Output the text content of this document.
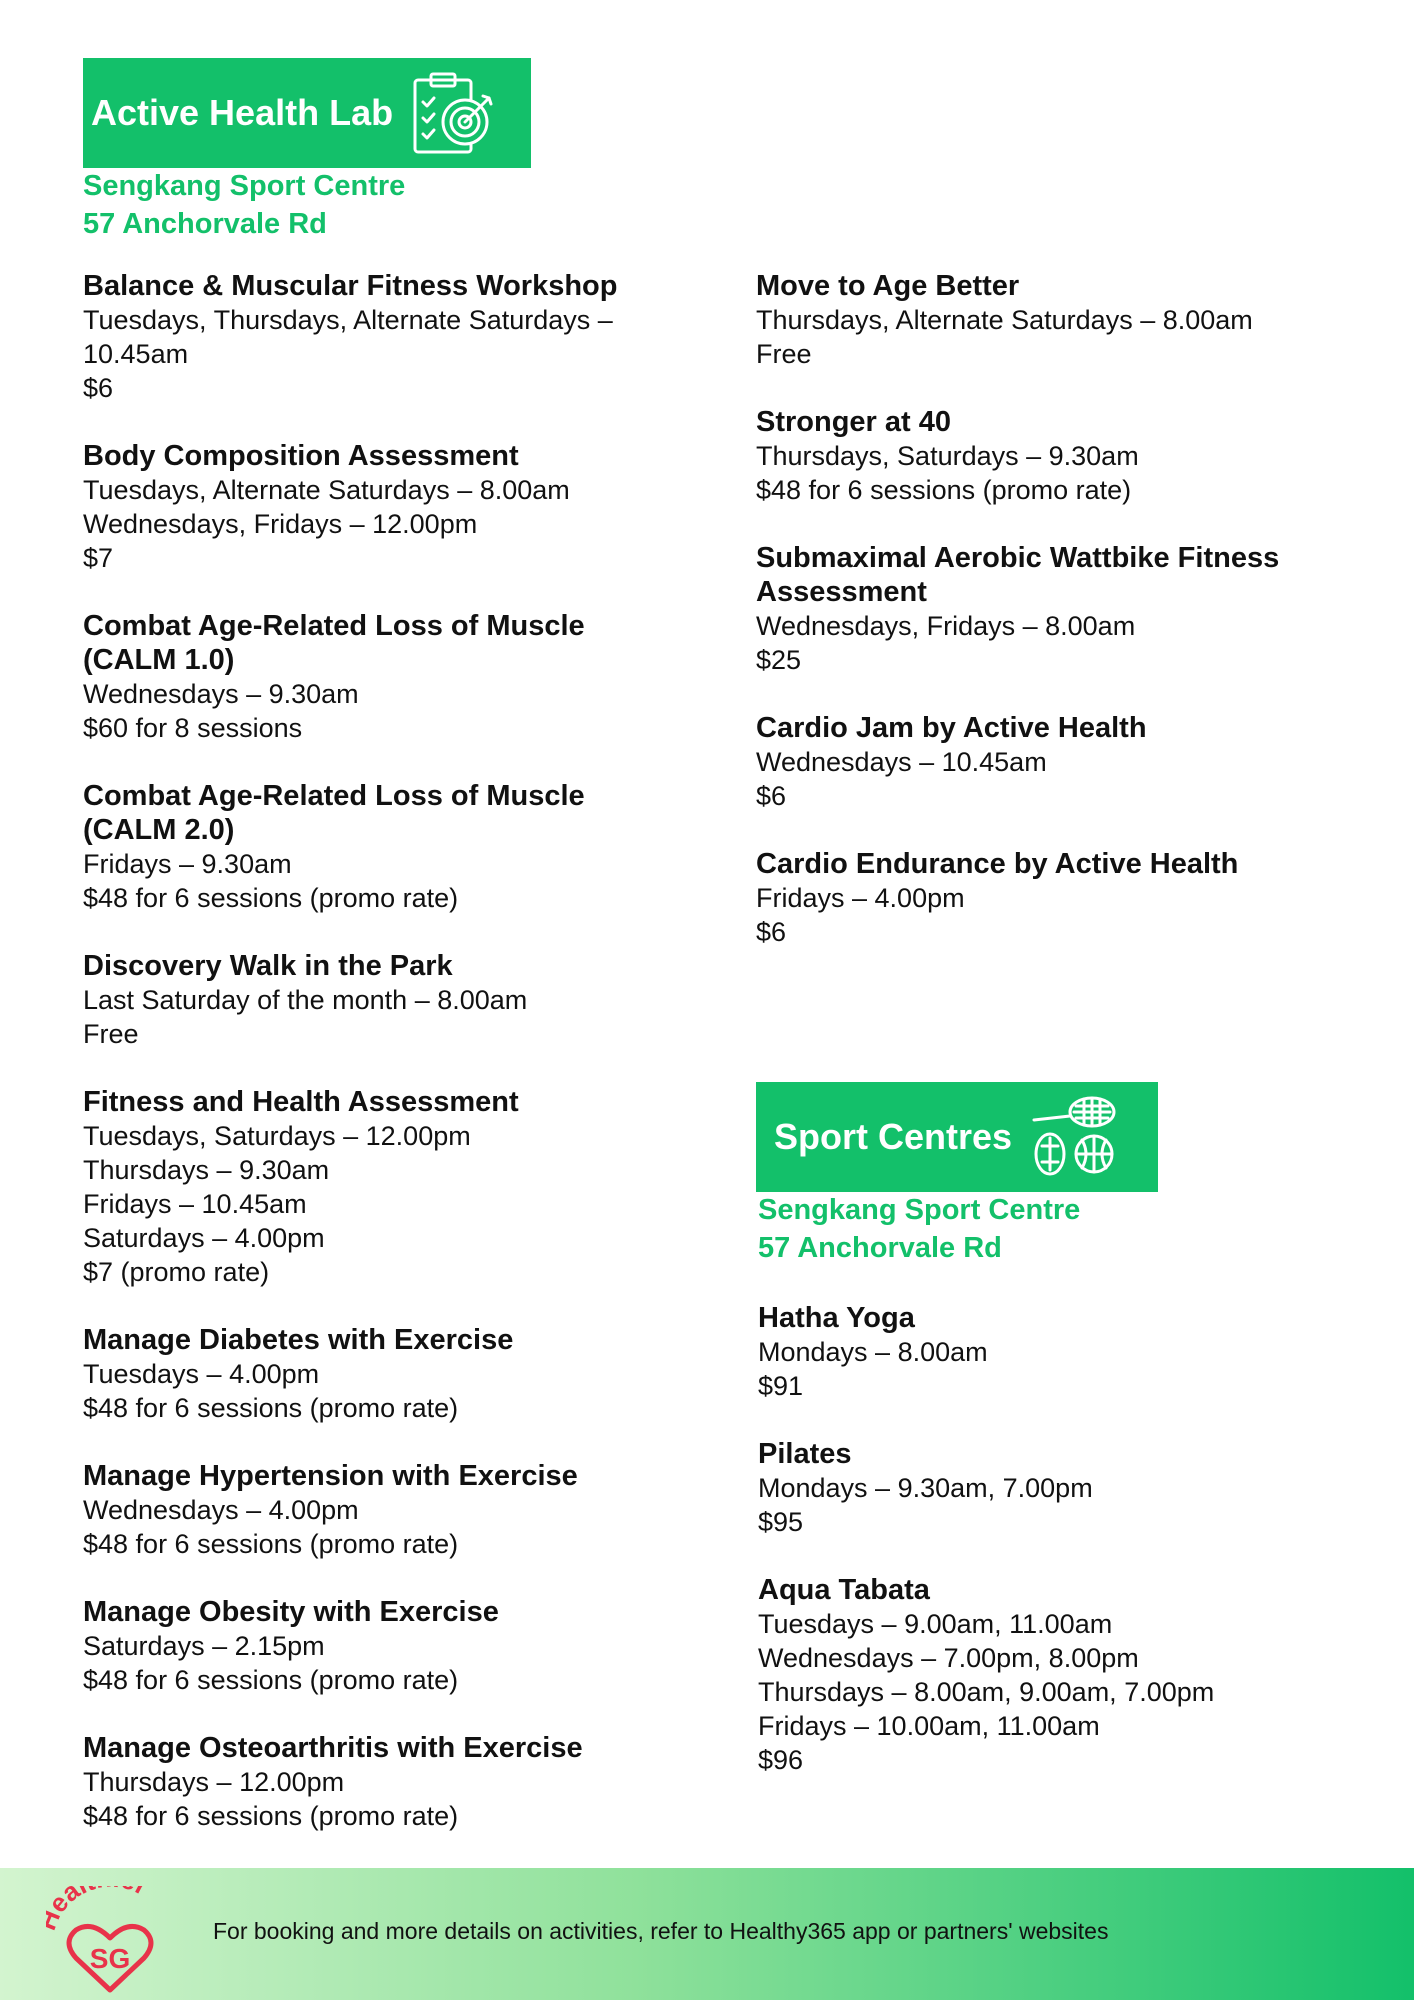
Active Health Lab
Sengkang Sport Centre
57 Anchorvale Rd
Balance & Muscular Fitness Workshop
Tuesdays, Thursdays, Alternate Saturdays –
10.45am
$6
Body Composition Assessment
Tuesdays, Alternate Saturdays – 8.00am
Wednesdays, Fridays – 12.00pm
$7
Combat Age-Related Loss of Muscle (CALM 1.0)
Wednesdays – 9.30am
$60 for 8 sessions
Combat Age-Related Loss of Muscle (CALM 2.0)
Fridays – 9.30am
$48 for 6 sessions (promo rate)
Discovery Walk in the Park
Last Saturday of the month – 8.00am
Free
Fitness and Health Assessment
Tuesdays, Saturdays – 12.00pm
Thursdays – 9.30am
Fridays – 10.45am
Saturdays – 4.00pm
$7 (promo rate)
Manage Diabetes with Exercise
Tuesdays – 4.00pm
$48 for 6 sessions (promo rate)
Manage Hypertension with Exercise
Wednesdays – 4.00pm
$48 for 6 sessions (promo rate)
Manage Obesity with Exercise
Saturdays – 2.15pm
$48 for 6 sessions (promo rate)
Manage Osteoarthritis with Exercise
Thursdays – 12.00pm
$48 for 6 sessions (promo rate)
Move to Age Better
Thursdays, Alternate Saturdays – 8.00am
Free
Stronger at 40
Thursdays, Saturdays – 9.30am
$48 for 6 sessions (promo rate)
Submaximal Aerobic Wattbike Fitness Assessment
Wednesdays, Fridays – 8.00am
$25
Cardio Jam by Active Health
Wednesdays – 10.45am
$6
Cardio Endurance by Active Health
Fridays – 4.00pm
$6
Sport Centres
Sengkang Sport Centre
57 Anchorvale Rd
Hatha Yoga
Mondays – 8.00am
$91
Pilates
Mondays – 9.30am, 7.00pm
$95
Aqua Tabata
Tuesdays – 9.00am, 11.00am
Wednesdays – 7.00pm, 8.00pm
Thursdays – 8.00am, 9.00am, 7.00pm
Fridays – 10.00am, 11.00am
$96
a
SG
For booking and more details on activities, refer to Healthy365 app or partners' websites
